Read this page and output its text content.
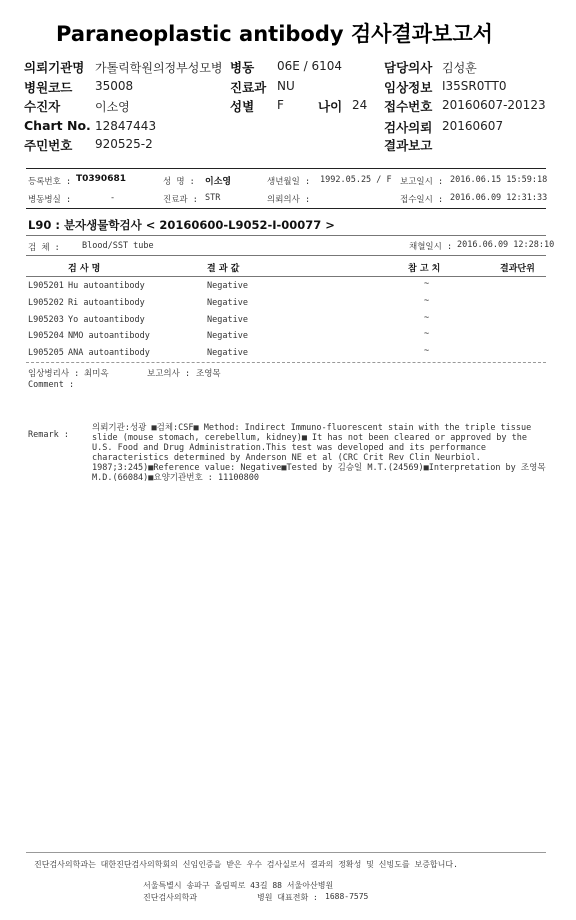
Paraneoplastic antibody 검사결과보고서
의뢰기관명 가톨릭학원의정부성모병 병동 06E / 6104	담당의사 김성훈
병원코드 35008	진료과 NU	임상정보 I35SR0TT0
수진자	이소영	성별 F	나이 24 접수번호 20160607-20123
Chart No. 12847443	검사의뢰 20160607
주민번호 920525-2	결과보고
등록번호 : T0390681	성 명 : 이소영	생년월일 : 1992.05.25 / F 보고일시 : 2016.06.15 15:59:18
병동병실 :	-	진료과 : STR	의뢰의사 :	접수일시 : 2016.06.09 12:31:33
L90 : 분자생물학검사 < 20160600-L9052-I-00077 >
검 체 :	Blood/SST tube	채혈일시 : 2016.06.09 12:28:10
검 사 명	결 과 값	참 고 치	결과단위
L905201 Hu autoantibody	Negative	~
L905202 Ri autoantibody	Negative	~
L905203 Yo autoantibody	Negative	~
L905204 NMO autoantibody	Negative	~
L905205 ANA autoantibody	Negative	~
임상병리사 : 최미옥	보고의사 : 조영목
Comment :
Remark :
의뢰기관:성광 ■검체:CSF■ Method: Indirect Immuno-fluorescent stain with the triple tissue slide (mouse stomach, cerebellum, kidney)■ It has not been cleared or approved by the U.S. Food and Drug Administration.This test was developed and its performance characteristics determined by Anderson NE et al (CRC Crit Rev Clin Neurbiol. 1987;3:245)■Reference value: Negative■Tested by 김승일 M.T.(24569)■Interpretation by 조영목 M.D.(66084)■요양기관번호 : 11100800
진단검사의학과는 대한진단검사의학회의 신임인증을 받은 우수 검사실로서 결과의 정확성 및 신빙도를 보증합니다.
서울특별시 송파구 올림픽로 43길 88 서울아산병원
진단검사의학과	병원 대표전화 : 1688-7575
